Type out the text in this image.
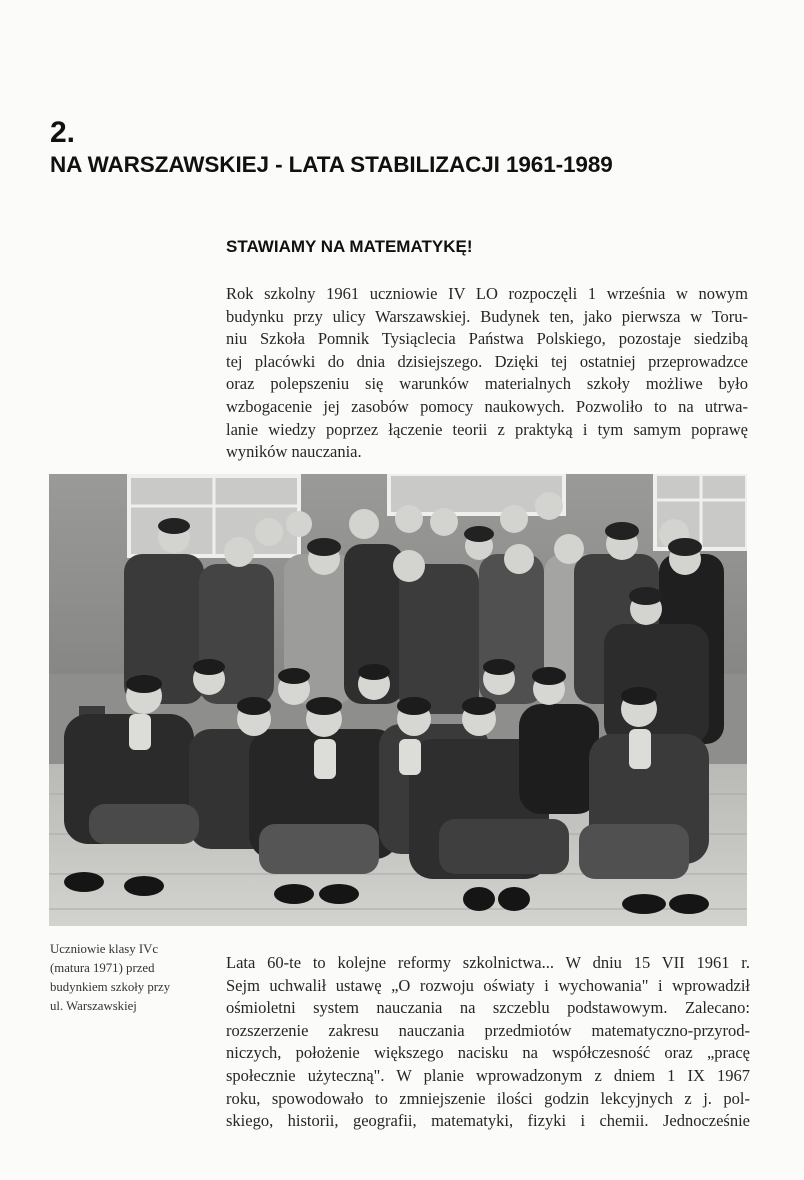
2.
NA WARSZAWSKIEJ - LATA STABILIZACJI 1961-1989
STAWIAMY NA MATEMATYKĘ!

Rok szkolny 1961 uczniowie IV LO rozpoczęli 1 września w nowym
budynku przy ulicy Warszawskiej. Budynek ten, jako pierwsza w Toru-
niu Szkoła Pomnik Tysiąclecia Państwa Polskiego, pozostaje siedzibą
tej placówki do dnia dzisiejszego. Dzięki tej ostatniej przeprowadzce
oraz polepszeniu się warunków materialnych szkoły możliwe było
wzbogacenie jej zasobów pomocy naukowych. Pozwoliło to na utrwa-
lanie wiedzy poprzez łączenie teorii z praktyką i tym samym poprawę
wyników nauczania.

Uczniowie klasy IVc
(matura 1971) przed
budynkiem szkoły przy
ul. Warszawskiej

Lata 60-te to kolejne reformy szkolnictwa... W dniu 15 VII 1961 r.
Sejm uchwalił ustawę „O rozwoju oświaty i wychowania" i wprowadził
ośmioletni system nauczania na szczeblu podstawowym. Zalecano:
rozszerzenie zakresu nauczania przedmiotów matematyczno-przyrod-
niczych, położenie większego nacisku na współczesność oraz „pracę
społecznie użyteczną". W planie wprowadzonym z dniem 1 IX 1967
roku, spowodowało to zmniejszenie ilości godzin lekcyjnych z j. pol-
skiego, historii, geografii, matematyki, fizyki i chemii. Jednocześnie
